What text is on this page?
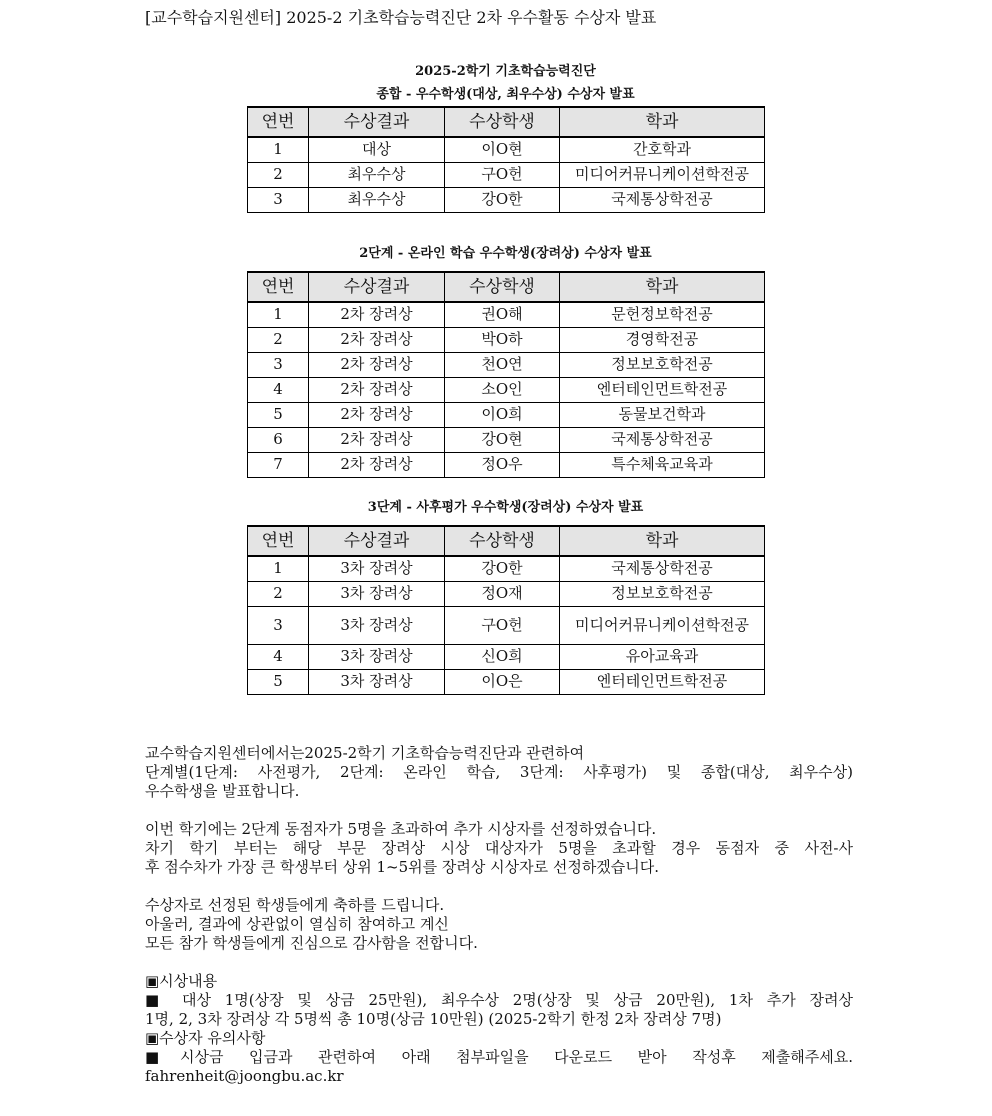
[교수학습지원센터] 2025-2 기초학습능력진단 2차 우수활동 수상자 발표
2025-2학기 기초학습능력진단
종합 - 우수학생(대상, 최우수상) 수상자 발표
연번	수상결과	수상학생	학과
1	대상	이O현	간호학과
2	최우수상	구O헌	미디어커뮤니케이션학전공
3	최우수상	강O한	국제통상학전공
2단계 - 온라인 학습 우수학생(장려상) 수상자 발표
연번	수상결과	수상학생	학과
1	2차 장려상	권O해	문헌정보학전공
2	2차 장려상	박O하	경영학전공
3	2차 장려상	천O연	정보보호학전공
4	2차 장려상	소O인	엔터테인먼트학전공
5	2차 장려상	이O희	동물보건학과
6	2차 장려상	강O현	국제통상학전공
7	2차 장려상	정O우	특수체육교육과
3단계 - 사후평가 우수학생(장려상) 수상자 발표
연번	수상결과	수상학생	학과
1	3차 장려상	강O한	국제통상학전공
2	3차 장려상	정O재	정보보호학전공
3	3차 장려상	구O헌	미디어커뮤니케이션학전공
4	3차 장려상	신O희	유아교육과
5	3차 장려상	이O은	엔터테인먼트학전공

교수학습지원센터에서는2025-2학기 기초학습능력진단과 관련하여

단계별(1단계: 사전평가, 2단계: 온라인 학습, 3단계: 사후평가) 및 종합(대상, 최우수상)

우수학생을 발표합니다.

이번 학기에는 2단계 동점자가 5명을 초과하여 추가 시상자를 선정하였습니다.

차기 학기 부터는 해당 부문 장려상 시상 대상자가 5명을 초과할 경우 동점자 중 사전-사

후 점수차가 가장 큰 학생부터 상위 1~5위를 장려상 시상자로 선정하겠습니다.

수상자로 선정된 학생들에게 축하를 드립니다.

아울러, 결과에 상관없이 열심히 참여하고 계신

모든 참가 학생들에게 진심으로 감사함을 전합니다.

▣시상내용

■ 대상 1명(상장 및 상금 25만원), 최우수상 2명(상장 및 상금 20만원), 1차 추가 장려상

1명, 2, 3차 장려상 각 5명씩 총 10명(상금 10만원) (2025-2학기 한정 2차 장려상 7명)

▣수상자 유의사항

■시상금 입금과 관련하여 아래 첨부파일을 다운로드 받아 작성후 제출해주세요.

fahrenheit@joongbu.ac.kr
